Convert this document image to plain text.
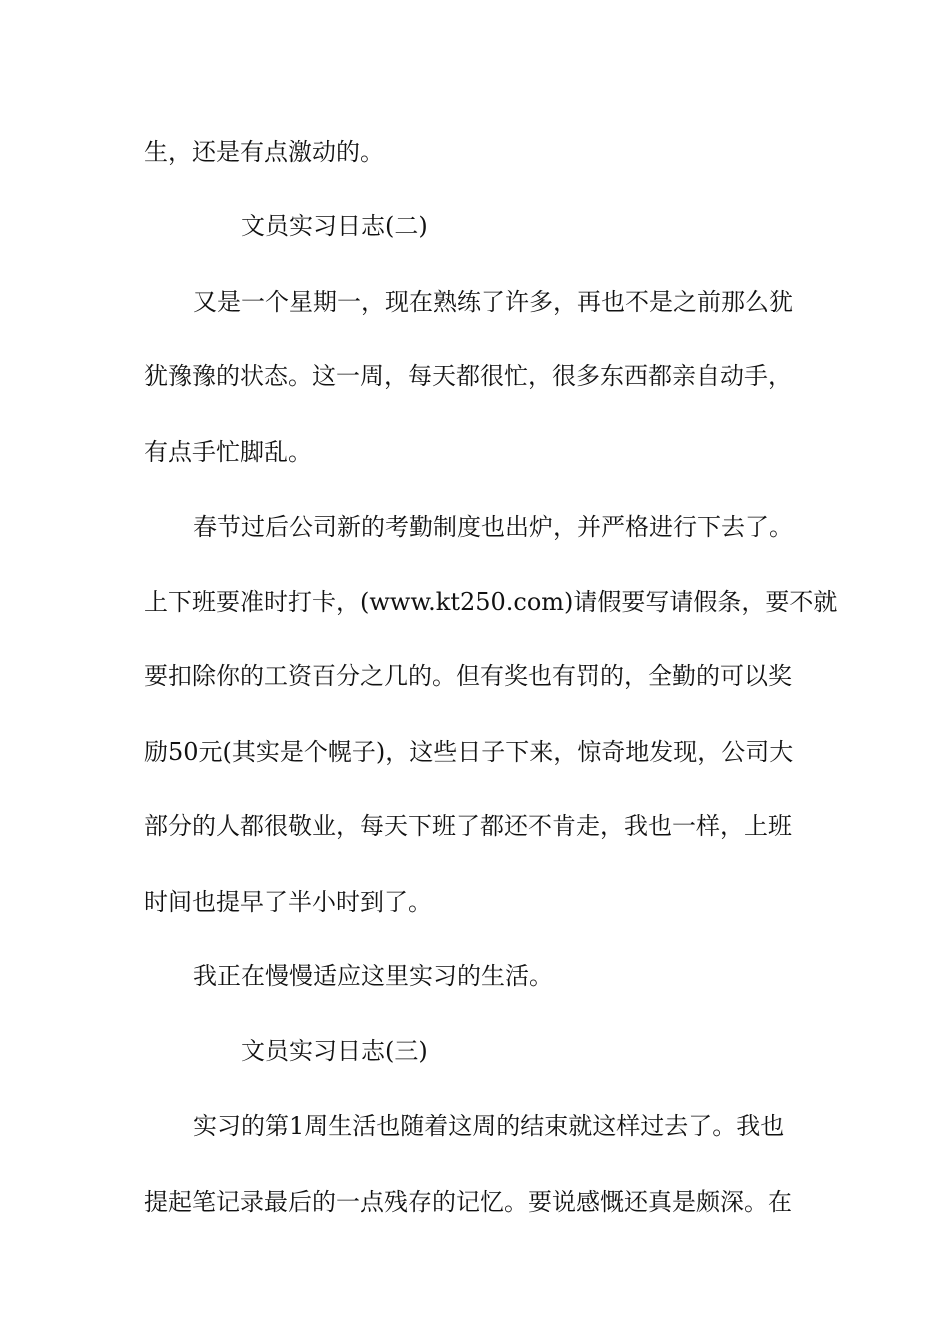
生，还是有点激动的。
文员实习日志(二)
又是一个星期一，现在熟练了许多，再也不是之前那么犹
犹豫豫的状态。这一周，每天都很忙，很多东西都亲自动手，
有点手忙脚乱。
春节过后公司新的考勤制度也出炉，并严格进行下去了。
上下班要准时打卡，(www.kt250.com)请假要写请假条，要不就
要扣除你的工资百分之几的。但有奖也有罚的，全勤的可以奖
励50元(其实是个幌子)，这些日子下来，惊奇地发现，公司大
部分的人都很敬业，每天下班了都还不肯走，我也一样，上班
时间也提早了半小时到了。
我正在慢慢适应这里实习的生活。
文员实习日志(三)
实习的第1周生活也随着这周的结束就这样过去了。我也
提起笔记录最后的一点残存的记忆。要说感慨还真是颇深。在
